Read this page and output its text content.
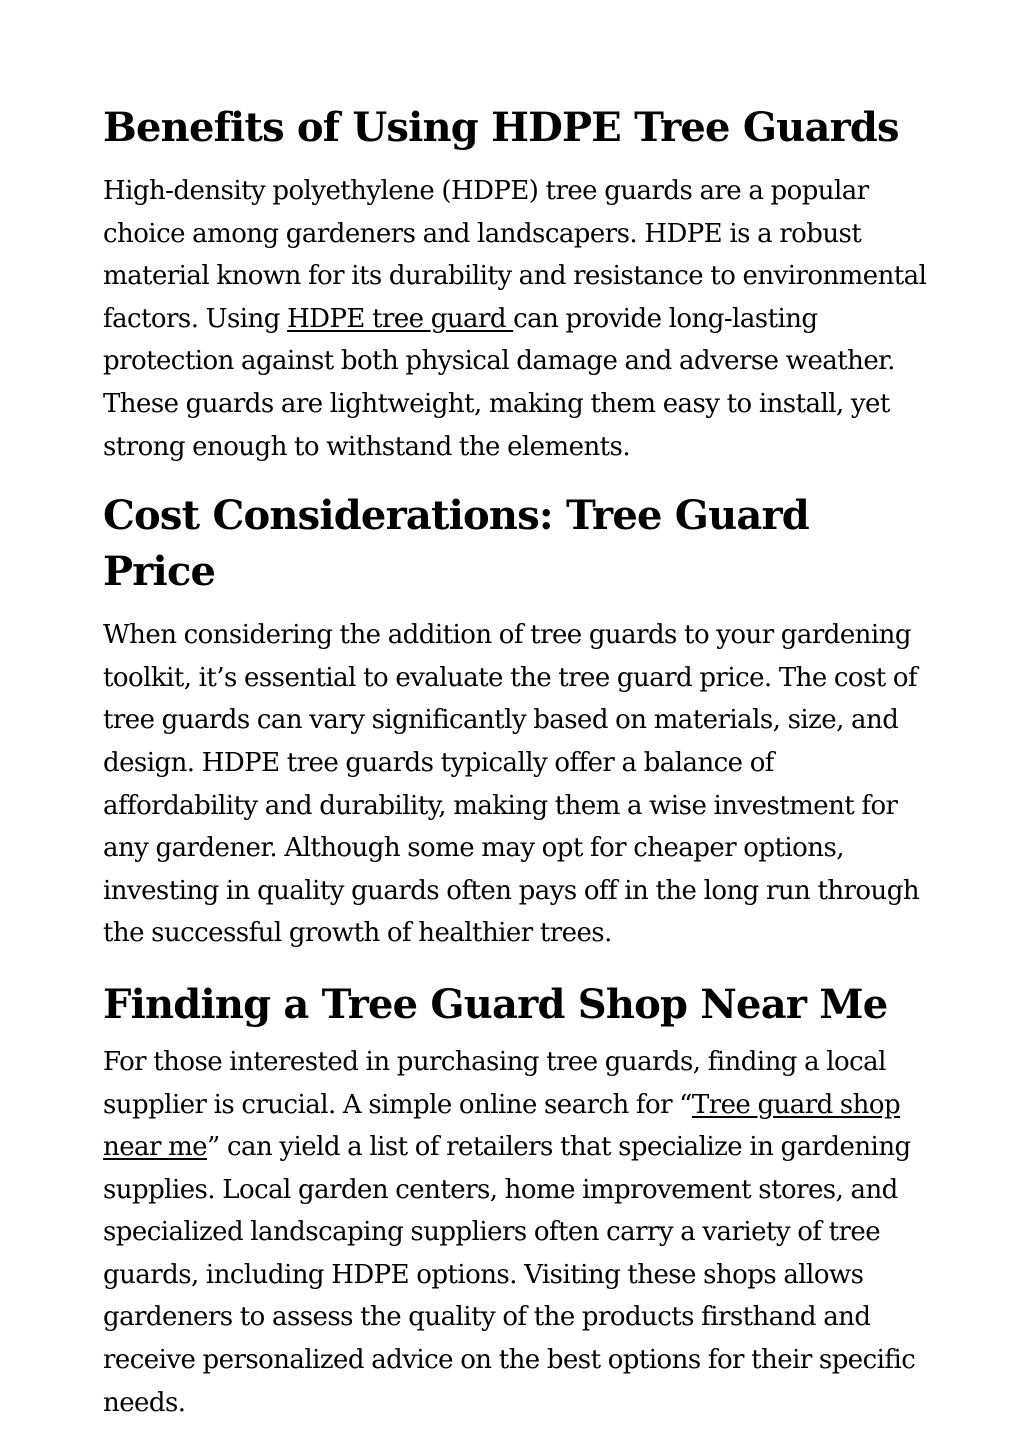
Benefits of Using HDPE Tree Guards

High-density polyethylene (HDPE) tree guards are a popular choice among gardeners and landscapers. HDPE is a robust material known for its durability and resistance to environmental factors. Using HDPE tree guard can provide long-lasting protection against both physical damage and adverse weather. These guards are lightweight, making them easy to install, yet strong enough to withstand the elements.

Cost Considerations: Tree Guard Price

When considering the addition of tree guards to your gardening toolkit, it’s essential to evaluate the tree guard price. The cost of tree guards can vary significantly based on materials, size, and design. HDPE tree guards typically offer a balance of affordability and durability, making them a wise investment for any gardener. Although some may opt for cheaper options, investing in quality guards often pays off in the long run through the successful growth of healthier trees.

Finding a Tree Guard Shop Near Me

For those interested in purchasing tree guards, finding a local supplier is crucial. A simple online search for “Tree guard shop near me” can yield a list of retailers that specialize in gardening supplies. Local garden centers, home improvement stores, and specialized landscaping suppliers often carry a variety of tree guards, including HDPE options. Visiting these shops allows gardeners to assess the quality of the products firsthand and receive personalized advice on the best options for their specific needs.
